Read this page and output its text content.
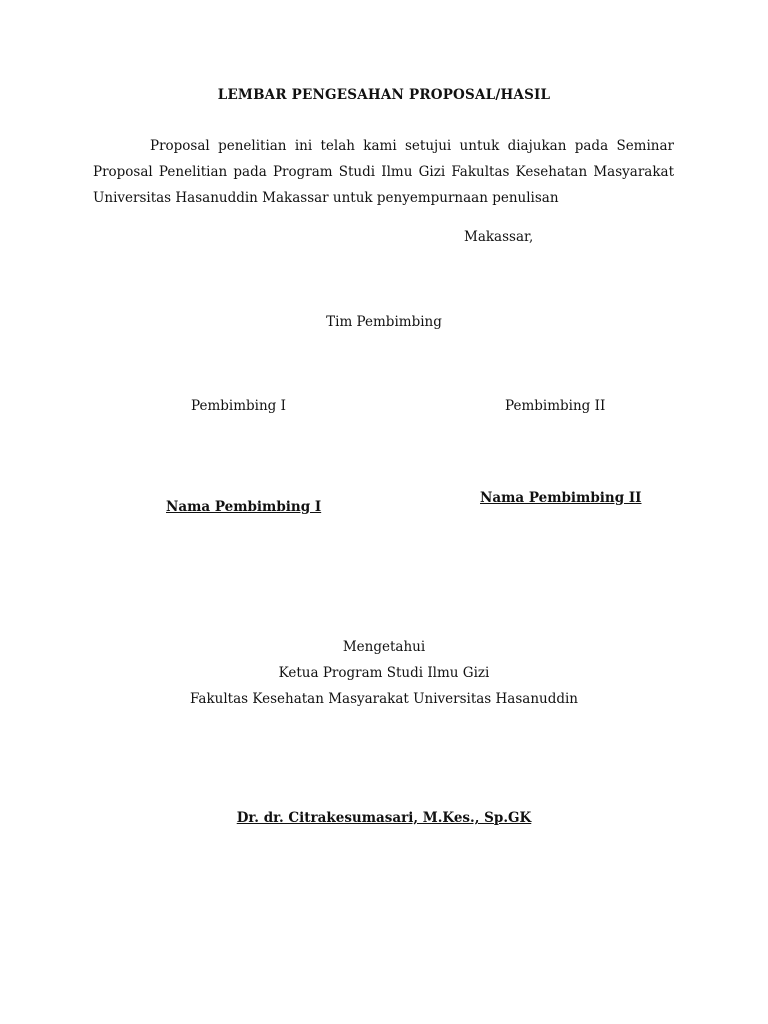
LEMBAR PENGESAHAN PROPOSAL/HASIL
Proposal penelitian ini telah kami setujui untuk diajukan pada Seminar Proposal Penelitian pada Program Studi Ilmu Gizi Fakultas Kesehatan Masyarakat Universitas Hasanuddin Makassar untuk penyempurnaan penulisan
Makassar,
Tim Pembimbing
Pembimbing I	Pembimbing II
Nama Pembimbing I
Nama Pembimbing II
Mengetahui
Ketua Program Studi Ilmu Gizi
Fakultas Kesehatan Masyarakat Universitas Hasanuddin
Dr. dr. Citrakesumasari, M.Kes., Sp.GK
